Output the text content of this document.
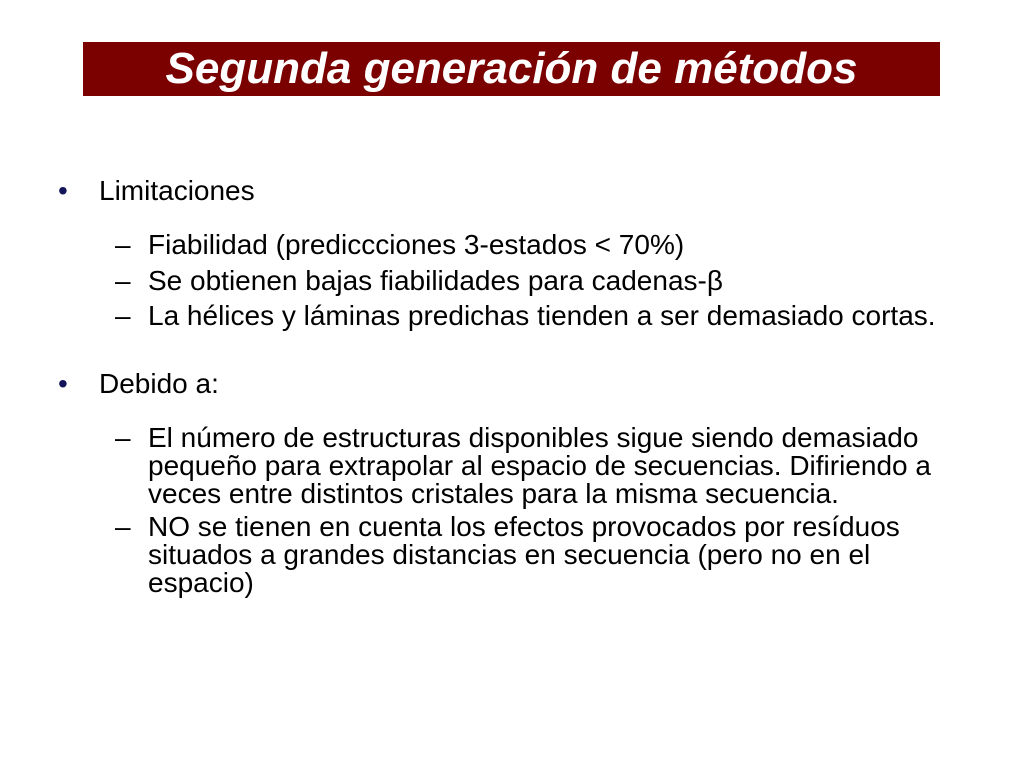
Segunda generación de métodos
• Limitaciones
– Fiabilidad (prediccciones 3-estados < 70%)
– Se obtienen bajas fiabilidades para cadenas-β
– La hélices y láminas predichas tienden a ser demasiado cortas.
• Debido a:
– El número de estructuras disponibles sigue siendo demasiado pequeño para extrapolar al espacio de secuencias. Difiriendo a veces entre distintos cristales para la misma secuencia.
– NO se tienen en cuenta los efectos provocados por resíduos situados a grandes distancias en secuencia (pero no en el espacio)
